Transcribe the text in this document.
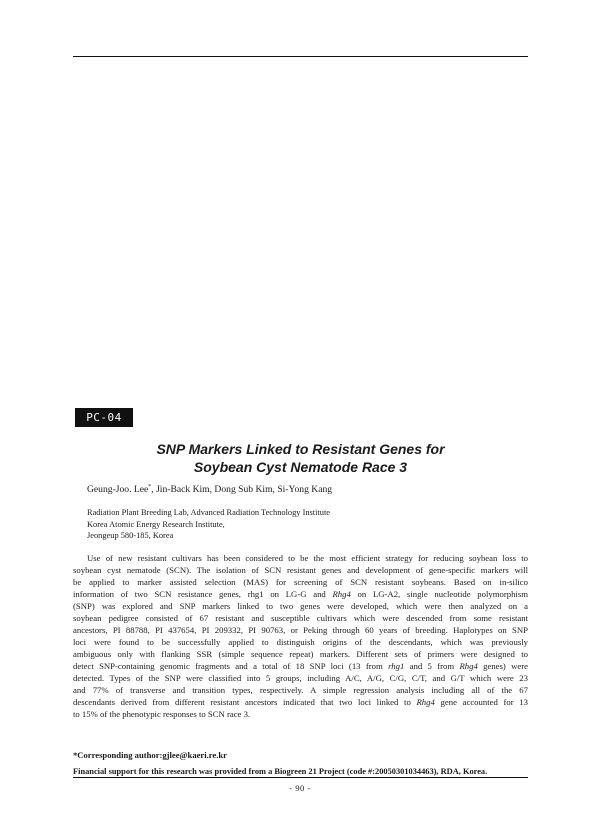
PC-04
SNP Markers Linked to Resistant Genes for
Soybean Cyst Nematode Race 3
Geung-Joo. Lee*, Jin-Back Kim, Dong Sub Kim, Si-Yong Kang
Radiation Plant Breeding Lab, Advanced Radiation Technology Institute
Korea Atomic Energy Research Institute,
Jeongeup 580-185, Korea
Use of new resistant cultivars has been considered to be the most efficient strategy for reducing soybean loss to
soybean cyst nematode (SCN). The isolation of SCN resistant genes and development of gene-specific markers will
be applied to marker assisted selection (MAS) for screening of SCN resistant soybeans. Based on in-silico
information of two SCN resistance genes, rhg1 on LG-G and Rhg4 on LG-A2, single nucleotide polymorphism
(SNP) was explored and SNP markers linked to two genes were developed, which were then analyzed on a
soybean pedigree consisted of 67 resistant and susceptible cultivars which were descended from some resistant
ancestors, PI 88788, PI 437654, PI 209332, PI 90763, or Peking through 60 years of breeding. Haplotypes on SNP
loci were found to be successfully applied to distinguish origins of the descendants, which was previously
ambiguous only with flanking SSR (simple sequence repeat) markers. Different sets of primers were designed to
detect SNP-containing genomic fragments and a total of 18 SNP loci (13 from rhg1 and 5 from Rhg4 genes) were
detected. Types of the SNP were classified into 5 groups, including A/C, A/G, C/G, C/T, and G/T which were 23
and 77% of transverse and transition types, respectively. A simple regression analysis including all of the 67
descendants derived from different resistant ancestors indicated that two loci linked to Rhg4 gene accounted for 13
to 15% of the phenotypic responses to SCN race 3.
*Corresponding author:gjlee@kaeri.re.kr
Financial support for this research was provided from a Biogreen 21 Project (code #:20050301034463), RDA, Korea.
- 90 -
